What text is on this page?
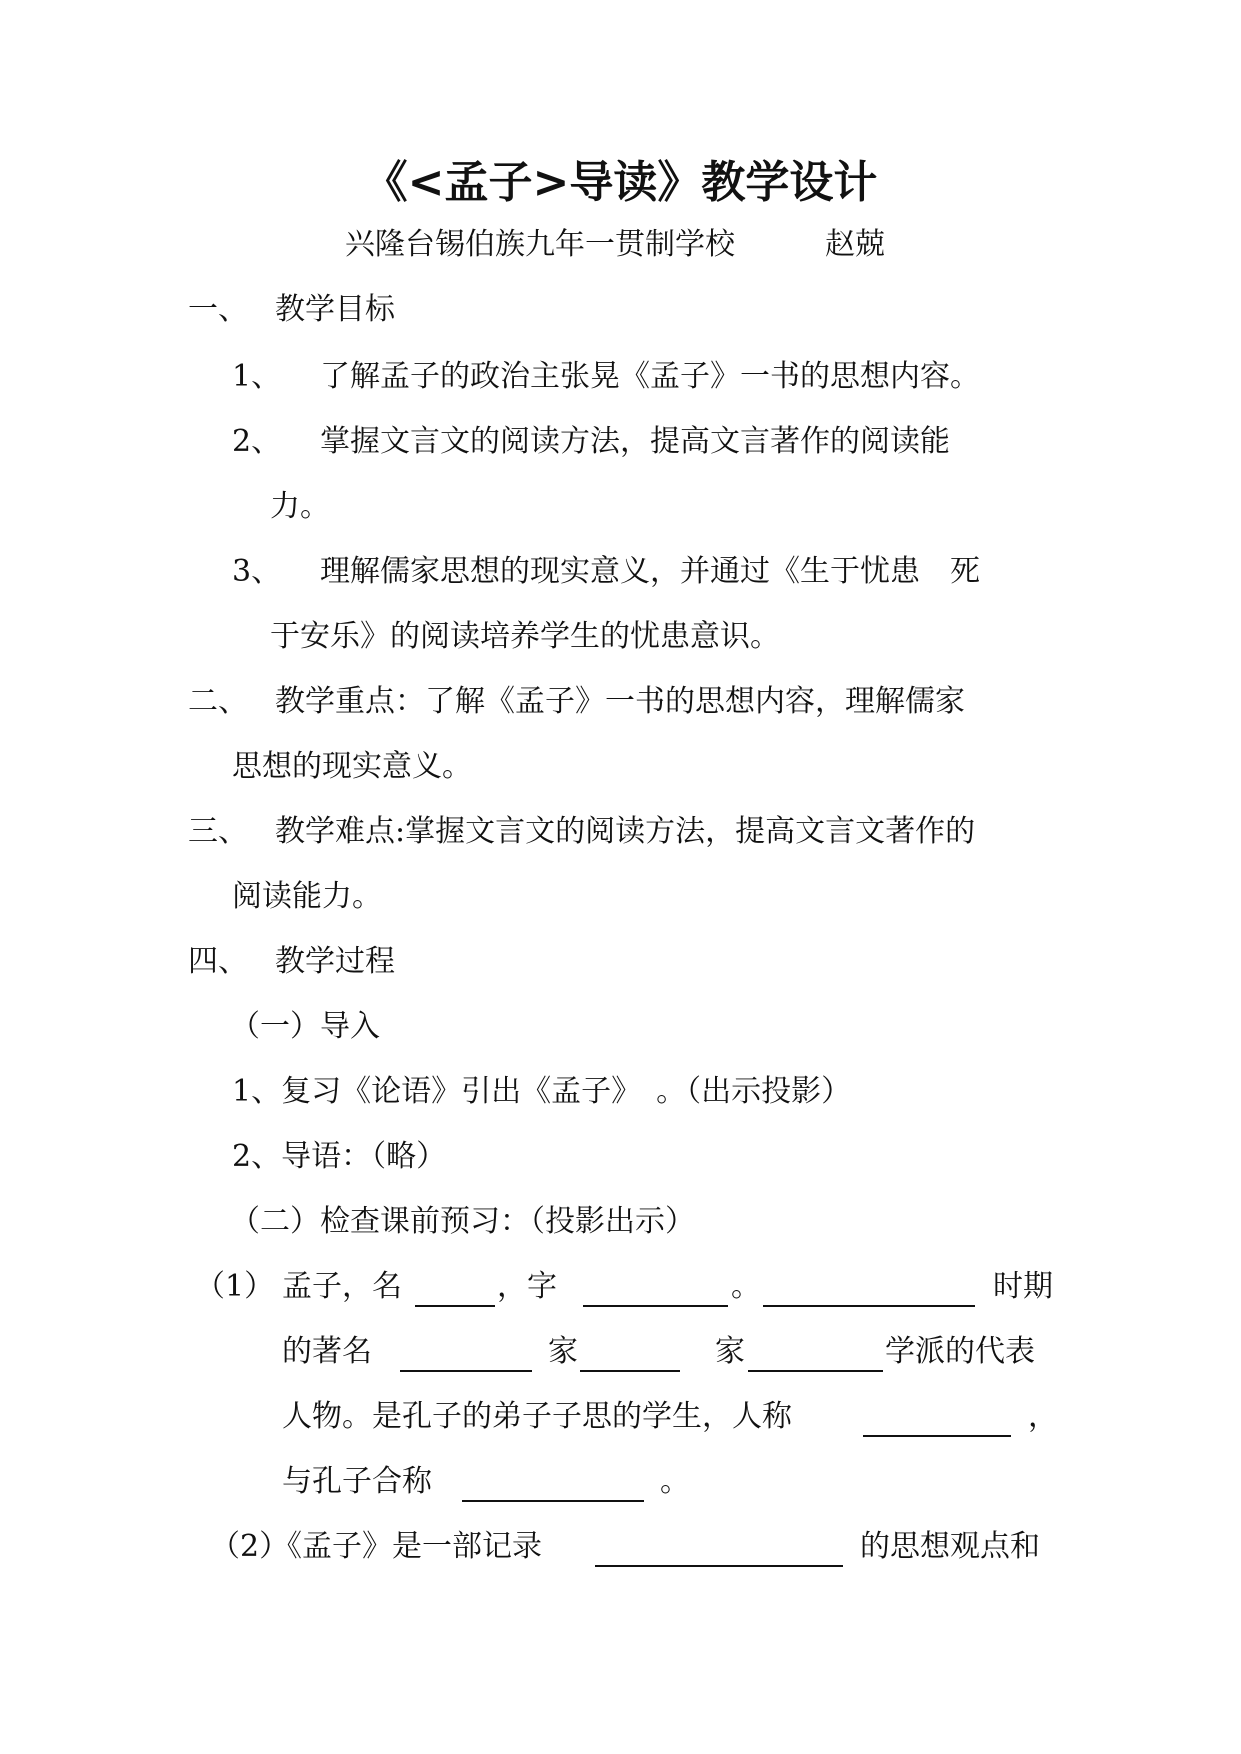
《<孟子>导读》教学设计
兴隆台锡伯族九年一贯制学校	赵兢
一、 教学目标
1、 了解孟子的政治主张晃《孟子》一书的思想内容。
2、 掌握文言文的阅读方法，提高文言著作的阅读能
力。
3、 理解儒家思想的现实意义，并通过《生于忧患　死
于安乐》的阅读培养学生的忧患意识。
二、 教学重点：了解《孟子》一书的思想内容，理解儒家
思想的现实意义。
三、 教学难点:掌握文言文的阅读方法，提高文言文著作的
阅读能力。
四、 教学过程
（一）导入
1、复习《论语》引出《孟子》　。（出示投影）
2、导语：（略）
（二）检查课前预习：（投影出示）
（1） 孟子，名	，字	。	时期
的著名	家	家	学派的代表
人物。是孔子的弟子子思的学生，人称	，
与孔子合称	。
（2）
《孟子》是一部记录	的思想观点和
